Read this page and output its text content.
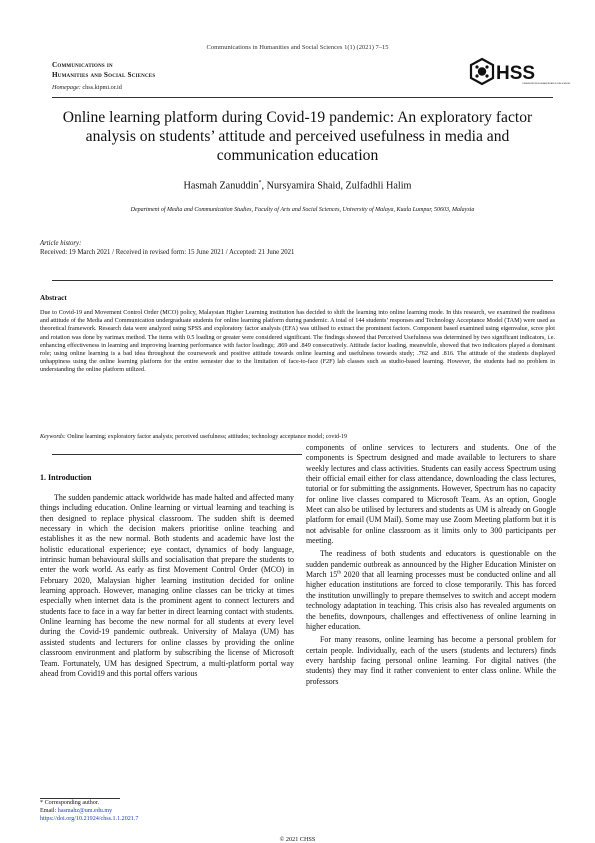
Communications in Humanities and Social Sciences 1(1) (2021) 7–15
Communications in
Humanities and Social Sciences
Homepage: chss.kipmi.or.id
HSS
COMMUNICATIONS IN HUMANITIES AND SOCIAL SCIENCES
Online learning platform during Covid-19 pandemic: An exploratory factor
analysis on students’ attitude and perceived usefulness in media and
communication education
Hasmah Zanuddin*, Nursyamira Shaid, Zulfadhli Halim
Department of Media and Communication Studies, Faculty of Arts and Social Sciences, University of Malaya, Kuala Lumpur, 50603, Malaysia
Article history:
Received: 19 March 2021 / Received in revised form: 15 June 2021 / Accepted: 21 June 2021
Abstract
Due to Covid-19 and Movement Control Order (MCO) policy, Malaysian Higher Learning institution has decided to shift the learning into online learning mode. In this research, we examined the readiness and attitude of the Media and Communication undergraduate students for online learning platform during pandemic. A total of 144 students’ responses and Technology Acceptance Model (TAM) were used as theoretical framework. Research data were analyzed using SPSS and exploratory factor analysis (EFA) was utilised to extract the prominent factors. Component based examined using eigenvalue, scree plot and rotation was done by varimax method. The items with 0.5 loading or greater were considered significant. The findings showed that Perceived Usefulness was determined by two significant indicators, i.e. enhancing effectiveness in learning and improving learning performance with factor loadings; .869 and .849 consecutively. Attitude factor loading, meanwhile, showed that two indicators played a dominant role; using online learning is a bad idea throughout the coursework and positive attitude towards online learning and usefulness towards study; .762 and .816. The attitude of the students displayed unhappiness using the online learning platform for the entire semester due to the limitation of face-to-face (F2F) lab classes such as studio-based learning. However, the students had no problem in understanding the online platform utilized.
Keywords: Online learning; exploratory factor analysis; perceived usefulness; attitudes; technology acceptance model; covid-19
1. Introduction

The sudden pandemic attack worldwide has made halted and affected many things including education. Online learning or virtual learning and teaching is then designed to replace physical classroom. The sudden shift is deemed necessary in which the decision makers prioritise online teaching and establishes it as the new normal. Both students and academic have lost the holistic educational experience; eye contact, dynamics of body language, intrinsic human behavioural skills and socialisation that prepare the students to enter the work world. As early as first Movement Control Order (MCO) in February 2020, Malaysian higher learning institution decided for online learning approach. However, managing online classes can be tricky at times especially when internet data is the prominent agent to connect lecturers and students face to face in a way far better in direct learning contact with students. Online learning has become the new normal for all students at every level during the Covid-19 pandemic outbreak. University of Malaya (UM) has assisted students and lecturers for online classes by providing the online classroom environment and platform by subscribing the license of Microsoft Team. Fortunately, UM has designed Spectrum, a multi-platform portal way ahead from Covid19 and this portal offers various

components of online services to lecturers and students. One of the components is Spectrum designed and made available to lecturers to share weekly lectures and class activities. Students can easily access Spectrum using their official email either for class attendance, downloading the class lectures, tutorial or for submitting the assignments. However, Spectrum has no capacity for online live classes compared to Microsoft Team. As an option, Google Meet can also be utilised by lecturers and students as UM is already on Google platform for email (UM Mail). Some may use Zoom Meeting platform but it is not advisable for online classroom as it limits only to 300 participants per meeting.

The readiness of both students and educators is questionable on the sudden pandemic outbreak as announced by the Higher Education Minister on March 15th 2020 that all learning processes must be conducted online and all higher education institutions are forced to close temporarily. This has forced the institution unwillingly to prepare themselves to switch and accept modern technology adaptation in teaching. This crisis also has revealed arguments on the benefits, downpours, challenges and effectiveness of online learning in higher education.

For many reasons, online learning has become a personal problem for certain people. Individually, each of the users (students and lecturers) finds every hardship facing personal online learning. For digital natives (the students) they may find it rather convenient to enter class online. While the professors

* Corresponding author.
Email: hasmahz@um.edu.my
https://doi.org/10.21924/chss.1.1.2021.7
© 2021 CHSS
